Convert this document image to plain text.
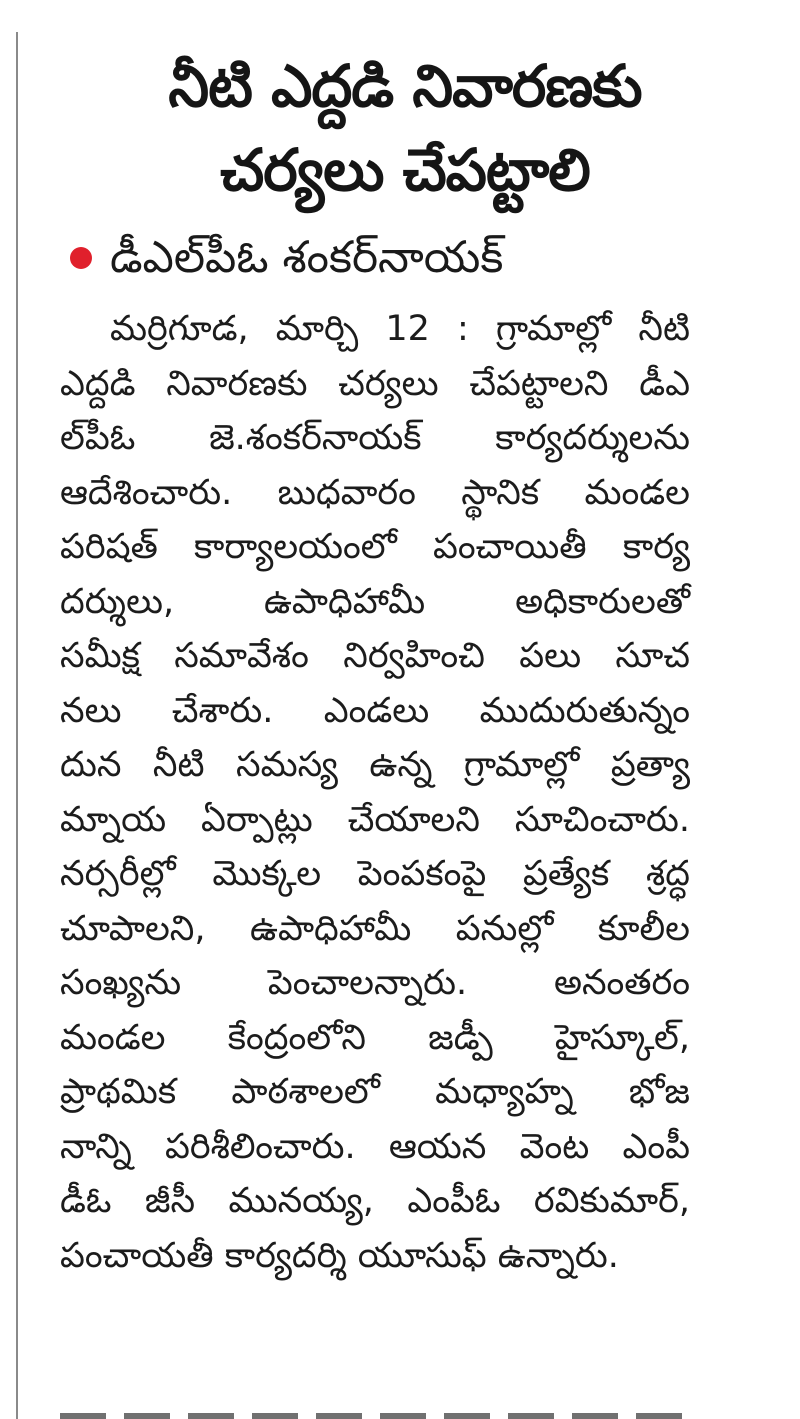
నీటి ఎద్దడి నివారణకు
చర్యలు చేపట్టాలి
డీఎల్‌పీఓ శంకర్‌నాయక్
మర్రిగూడ, మార్చి 12 : గ్రామాల్లో నీటి
ఎద్దడి నివారణకు చర్యలు చేపట్టాలని డీఎ
ల్‌పీఓ జె.శంకర్‌నాయక్ కార్యదర్శులను
ఆదేశించారు. బుధవారం స్థానిక మండల
పరిషత్ కార్యాలయంలో పంచాయితీ కార్య
దర్శులు, ఉపాధిహామీ అధికారులతో
సమీక్ష సమావేశం నిర్వహించి పలు సూచ
నలు చేశారు. ఎండలు ముదురుతున్నం
దున నీటి సమస్య ఉన్న గ్రామాల్లో ప్రత్యా
మ్నాయ ఏర్పాట్లు చేయాలని సూచించారు.
నర్సరీల్లో మొక్కల పెంపకంపై ప్రత్యేక శ్రద్ధ
చూపాలని, ఉపాధిహామీ పనుల్లో కూలీల
సంఖ్యను పెంచాలన్నారు. అనంతరం
మండల కేంద్రంలోని జడ్పీ హైస్కూల్,
ప్రాథమిక పాఠశాలలో మధ్యాహ్న భోజ
నాన్ని పరిశీలించారు. ఆయన వెంట ఎంపీ
డీఓ జీసీ మునయ్య, ఎంపీఓ రవికుమార్,
పంచాయతీ కార్యదర్శి యూసుఫ్ ఉన్నారు.
